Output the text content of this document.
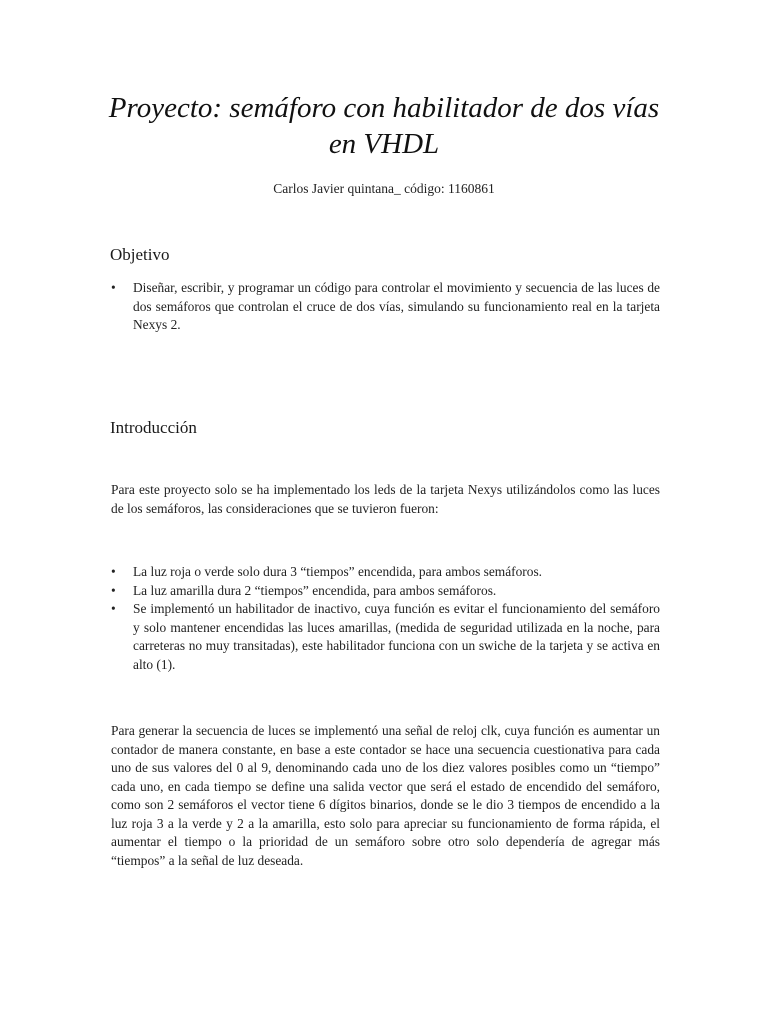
Proyecto: semáforo con habilitador de dos vías
en VHDL
Carlos Javier quintana_ código: 1160861
Objetivo
•	Diseñar, escribir, y programar un código para controlar el movimiento y secuencia de las luces de dos semáforos que controlan el cruce de dos vías, simulando su funcionamiento real en la tarjeta Nexys 2.
Introducción
Para este proyecto solo se ha implementado los leds de la tarjeta Nexys utilizándolos como las luces de los semáforos, las consideraciones que se tuvieron fueron:
•	La luz roja o verde solo dura 3 “tiempos” encendida, para ambos semáforos.
•	La luz amarilla dura 2 “tiempos” encendida, para ambos semáforos.
•	Se implementó un habilitador de inactivo, cuya función es evitar el funcionamiento del semáforo y solo mantener encendidas las luces amarillas, (medida de seguridad utilizada en la noche, para carreteras no muy transitadas), este habilitador funciona con un swiche de la tarjeta y se activa en alto (1).
Para generar la secuencia de luces se implementó una señal de reloj clk, cuya función es aumentar un contador de manera constante, en base a este contador se hace una secuencia cuestionativa para cada uno de sus valores del 0 al 9, denominando cada uno de los diez valores posibles como un “tiempo” cada uno, en cada tiempo se define una salida vector que será el estado de encendido del semáforo, como son 2 semáforos el vector tiene 6 dígitos binarios, donde se le dio 3 tiempos de encendido a la luz roja 3 a la verde y 2 a la amarilla, esto solo para apreciar su funcionamiento de forma rápida, el aumentar el tiempo o la prioridad de un semáforo sobre otro solo dependería de agregar más “tiempos” a la señal de luz deseada.
